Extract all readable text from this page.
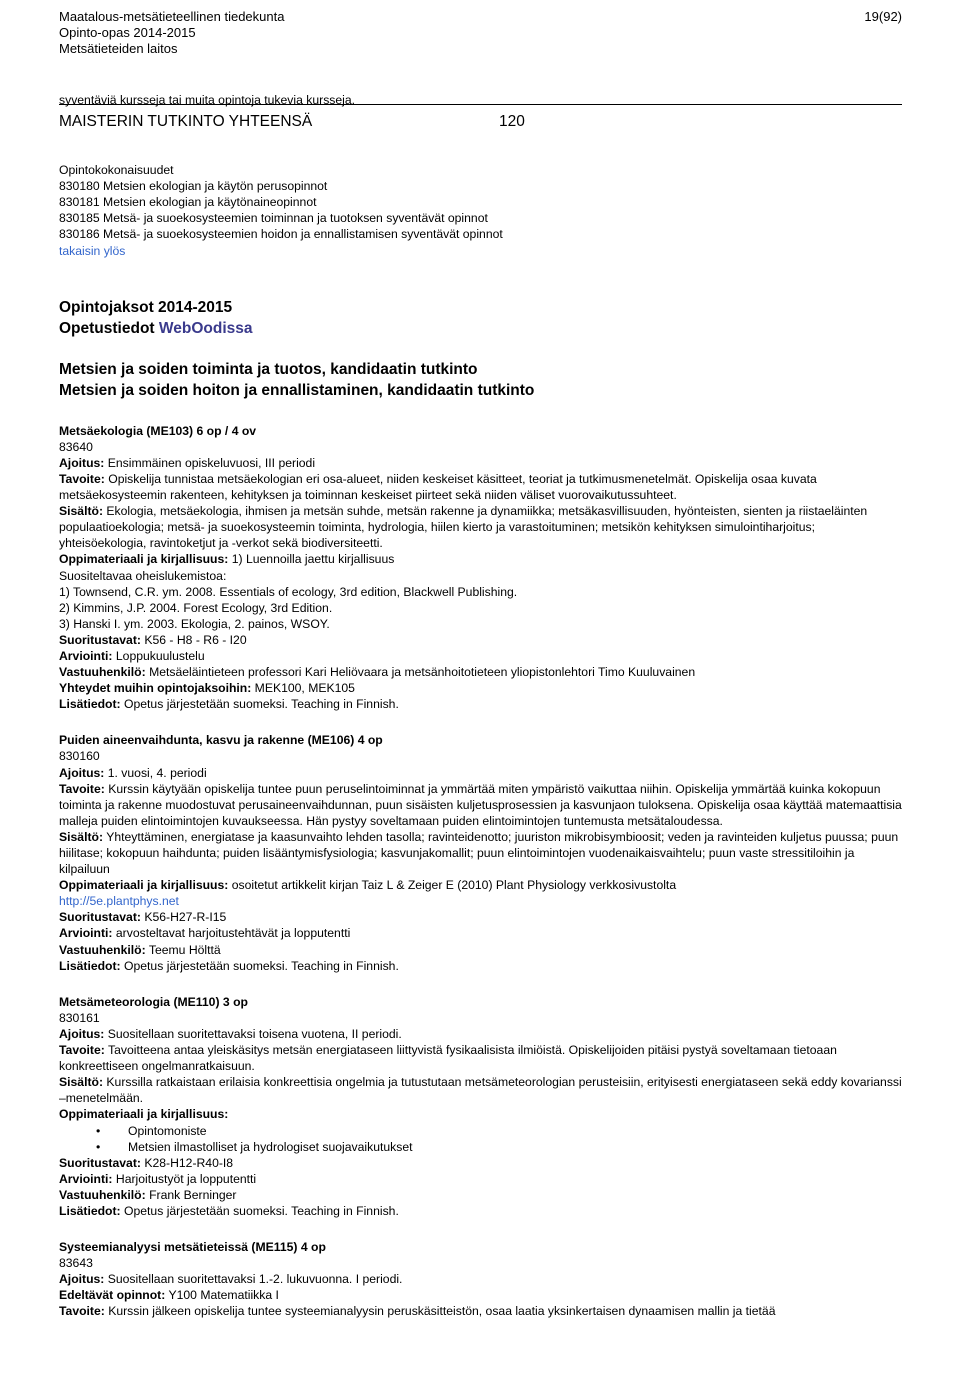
Maatalous-metsätieteellinen tiedekunta
Opinto-opas 2014-2015
Metsätieteiden laitos
19(92)
syventäviä kursseja tai muita opintoja tukevia kursseja.
MAISTERIN TUTKINTO YHTEENSÄ	120
Opintokokonaisuudet
830180 Metsien ekologian ja käytön perusopinnot
830181 Metsien ekologian ja käytönaineopinnot
830185 Metsä- ja suoekosysteemien toiminnan ja tuotoksen syventävät opinnot
830186 Metsä- ja suoekosysteemien hoidon ja ennallistamisen syventävät opinnot
takaisin ylös
Opintojaksot 2014-2015
Opetustiedot WebOodissa
Metsien ja soiden toiminta ja tuotos, kandidaatin tutkinto
Metsien ja soiden hoiton ja ennallistaminen, kandidaatin tutkinto
Metsäekologia (ME103) 6 op / 4 ov
83640
Ajoitus: Ensimmäinen opiskeluvuosi, III periodi
Tavoite: Opiskelija tunnistaa metsäekologian eri osa-alueet, niiden keskeiset käsitteet, teoriat ja tutkimusmenetelmät. Opiskelija osaa kuvata metsäekosysteemin rakenteen, kehityksen ja toiminnan keskeiset piirteet sekä niiden väliset vuorovaikutussuhteet.
Sisältö: Ekologia, metsäekologia, ihmisen ja metsän suhde, metsän rakenne ja dynamiikka; metsäkasvillisuuden, hyönteisten, sienten ja riistaeläinten populaatioekologia; metsä- ja suoekosysteemin toiminta, hydrologia, hiilen kierto ja varastoituminen; metsikön kehityksen simulointiharjoitus; yhteisöekologia, ravintoketjut ja -verkot sekä biodiversiteetti.
Oppimateriaali ja kirjallisuus: 1) Luennoilla jaettu kirjallisuus
Suositeltavaa oheislukemistoa:
1) Townsend, C.R. ym. 2008. Essentials of ecology, 3rd edition, Blackwell Publishing.
2) Kimmins, J.P. 2004. Forest Ecology, 3rd Edition.
3) Hanski I. ym. 2003. Ekologia, 2. painos, WSOY.
Suoritustavat: K56 - H8 - R6 - I20
Arviointi: Loppukuulustelu
Vastuuhenkilö: Metsäeläintieteen professori Kari Heliövaara ja metsänhoitotieteen yliopistonlehtori Timo Kuuluvainen
Yhteydet muihin opintojaksoihin: MEK100, MEK105
Lisätiedot: Opetus järjestetään suomeksi. Teaching in Finnish.
Puiden aineenvaihdunta, kasvu ja rakenne (ME106) 4 op
830160
Ajoitus: 1. vuosi, 4. periodi
Tavoite: Kurssin käytyään opiskelija tuntee puun peruselintoiminnat ja ymmärtää miten ympäristö vaikuttaa niihin. Opiskelija ymmärtää kuinka kokopuun toiminta ja rakenne muodostuvat perusaineenvaihdunnan, puun sisäisten kuljetusprosessien ja kasvunjaon tuloksena. Opiskelija osaa käyttää matemaattisia malleja puiden elintoimintojen kuvaukseessa. Hän pystyy soveltamaan puiden elintoimintojen tuntemusta metsätaloudessa.
Sisältö: Yhteyttäminen, energiatase ja kaasunvaihto lehden tasolla; ravinteidenotto; juuriston mikrobisymbioosit; veden ja ravinteiden kuljetus puussa; puun hiilitase; kokopuun haihdunta; puiden lisääntymisfysiologia; kasvunjakomallit; puun elintoimintojen vuodenaikaisvaihtelu; puun vaste stressitiloihin ja kilpailuun
Oppimateriaali ja kirjallisuus: osoitetut artikkelit kirjan Taiz L & Zeiger E (2010) Plant Physiology verkkosivustolta
http://5e.plantphys.net
Suoritustavat: K56-H27-R-I15
Arviointi: arvosteltavat harjoitustehtävät ja lopputentti
Vastuuhenkilö: Teemu Hölttä
Lisätiedot: Opetus järjestetään suomeksi. Teaching in Finnish.
Metsämeteorologia (ME110) 3 op
830161
Ajoitus: Suositellaan suoritettavaksi toisena vuotena, II periodi.
Tavoite: Tavoitteena antaa yleiskäsitys metsän energiataseen liittyvistä fysikaalisista ilmiöistä. Opiskelijoiden pitäisi pystyä soveltamaan tietoaan konkreettiseen ongelmanratkaisuun.
Sisältö: Kurssilla ratkaistaan erilaisia konkreettisia ongelmia ja tutustutaan metsämeteorologian perusteisiin, erityisesti energiataseen sekä eddy kovarianssi –menetelmään.
Oppimateriaali ja kirjallisuus:
• Opintomoniste
• Metsien ilmastolliset ja hydrologiset suojavaikutukset
Suoritustavat: K28-H12-R40-I8
Arviointi: Harjoitustyöt ja lopputentti
Vastuuhenkilö: Frank Berninger
Lisätiedot: Opetus järjestetään suomeksi. Teaching in Finnish.
Systeemianalyysi metsätieteissä (ME115) 4 op
83643
Ajoitus: Suositellaan suoritettavaksi 1.-2. lukuvuonna. I periodi.
Edeltävät opinnot: Y100 Matematiikka I
Tavoite: Kurssin jälkeen opiskelija tuntee systeemianalyysin peruskäsitteistön, osaa laatia yksinkertaisen dynaamisen mallin ja tietää
